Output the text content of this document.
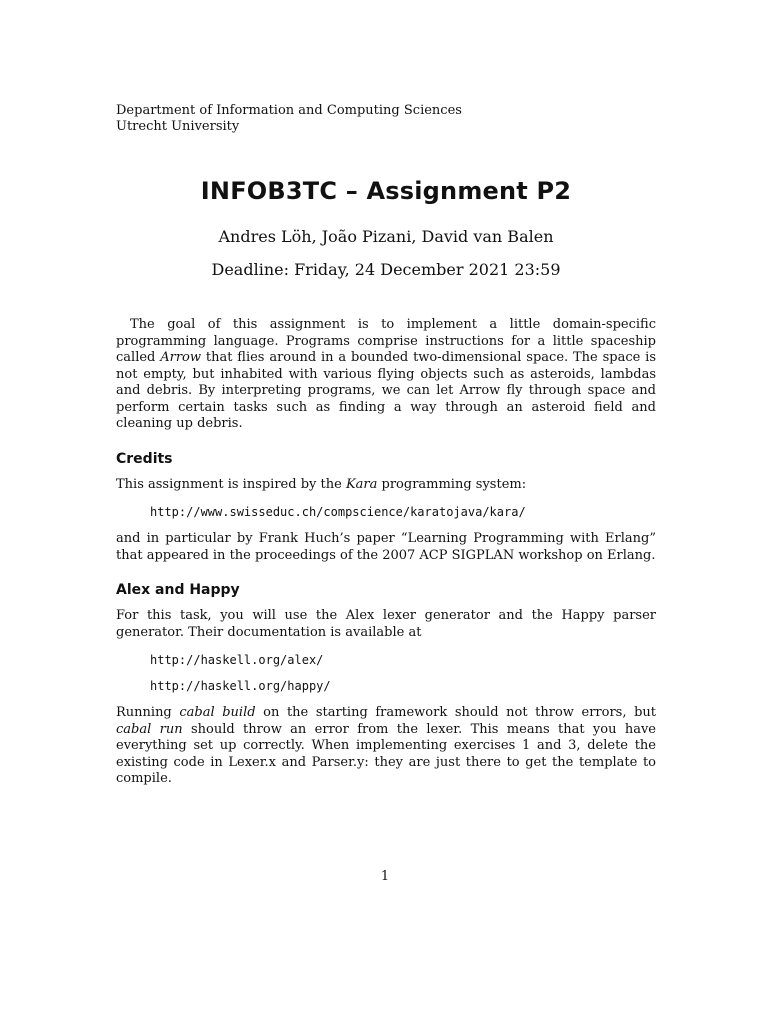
Department of Information and Computing Sciences
Utrecht University
INFOB3TC – Assignment P2
Andres Löh, João Pizani, David van Balen
Deadline: Friday, 24 December 2021 23:59

The goal of this assignment is to implement a little domain-specific programming language. Programs comprise instructions for a little spaceship called Arrow that flies around in a bounded two-dimensional space. The space is not empty, but inhabited with various flying objects such as asteroids, lambdas and debris. By interpreting programs, we can let Arrow fly through space and perform certain tasks such as finding a way through an asteroid field and cleaning up debris.

Credits

This assignment is inspired by the Kara programming system:

http://www.swisseduc.ch/compscience/karatojava/kara/

and in particular by Frank Huch’s paper “Learning Programming with Erlang” that appeared in the proceedings of the 2007 ACP SIGPLAN workshop on Erlang.

Alex and Happy

For this task, you will use the Alex lexer generator and the Happy parser generator. Their documentation is available at

http://haskell.org/alex/
http://haskell.org/happy/

Running cabal build on the starting framework should not throw errors, but cabal run should throw an error from the lexer. This means that you have everything set up correctly. When implementing exercises 1 and 3, delete the existing code in Lexer.x and Parser.y: they are just there to get the template to compile.

1
